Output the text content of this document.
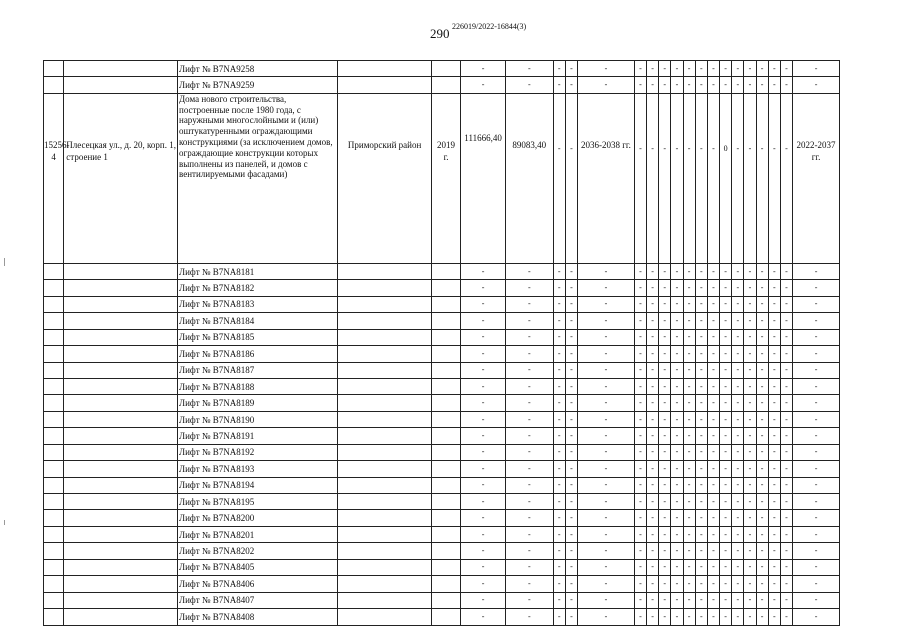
226019/2022-16844(3)
290
		Лифт № B7NA9258			-	-	-	-	-	-	-	-	-	-	-	-	-	-	-	-	-	-	-
		Лифт № B7NA9259			-	-	-	-	-	-	-	-	-	-	-	-	-	-	-	-	-	-	-
15256-4	Плесецкая ул., д. 20, корп. 1, строение 1	Дома нового строительства, построенные после 1980 года, с наружными многослойными и (или) оштукатуренными ограждающими конструкциями (за исключением домов, ограждающие конструкции которых выполнены из панелей, и домов с вентилируемыми фасадами)	Приморский район	2019 г.	111666,40	89083,40	-	-	2036-2038 гг.	-	-	-	-	-	-	-	0	-	-	-	-	-	2022-2037 гг.
		Лифт № B7NA8181			-	-	-	-	-	-	-	-	-	-	-	-	-	-	-	-	-	-	-
		Лифт № B7NA8182			-	-	-	-	-	-	-	-	-	-	-	-	-	-	-	-	-	-	-
		Лифт № B7NA8183			-	-	-	-	-	-	-	-	-	-	-	-	-	-	-	-	-	-	-
		Лифт № B7NA8184			-	-	-	-	-	-	-	-	-	-	-	-	-	-	-	-	-	-	-
		Лифт № B7NA8185			-	-	-	-	-	-	-	-	-	-	-	-	-	-	-	-	-	-	-
		Лифт № B7NA8186			-	-	-	-	-	-	-	-	-	-	-	-	-	-	-	-	-	-	-
		Лифт № B7NA8187			-	-	-	-	-	-	-	-	-	-	-	-	-	-	-	-	-	-	-
		Лифт № B7NA8188			-	-	-	-	-	-	-	-	-	-	-	-	-	-	-	-	-	-	-
		Лифт № B7NA8189			-	-	-	-	-	-	-	-	-	-	-	-	-	-	-	-	-	-	-
		Лифт № B7NA8190			-	-	-	-	-	-	-	-	-	-	-	-	-	-	-	-	-	-	-
		Лифт № B7NA8191			-	-	-	-	-	-	-	-	-	-	-	-	-	-	-	-	-	-	-
		Лифт № B7NA8192			-	-	-	-	-	-	-	-	-	-	-	-	-	-	-	-	-	-	-
		Лифт № B7NA8193			-	-	-	-	-	-	-	-	-	-	-	-	-	-	-	-	-	-	-
		Лифт № B7NA8194			-	-	-	-	-	-	-	-	-	-	-	-	-	-	-	-	-	-	-
		Лифт № B7NA8195			-	-	-	-	-	-	-	-	-	-	-	-	-	-	-	-	-	-	-
		Лифт № B7NA8200			-	-	-	-	-	-	-	-	-	-	-	-	-	-	-	-	-	-	-
		Лифт № B7NA8201			-	-	-	-	-	-	-	-	-	-	-	-	-	-	-	-	-	-	-
		Лифт № B7NA8202			-	-	-	-	-	-	-	-	-	-	-	-	-	-	-	-	-	-	-
		Лифт № B7NA8405			-	-	-	-	-	-	-	-	-	-	-	-	-	-	-	-	-	-	-
		Лифт № B7NA8406			-	-	-	-	-	-	-	-	-	-	-	-	-	-	-	-	-	-	-
		Лифт № B7NA8407			-	-	-	-	-	-	-	-	-	-	-	-	-	-	-	-	-	-	-
		Лифт № B7NA8408			-	-	-	-	-	-	-	-	-	-	-	-	-	-	-	-	-	-	-
